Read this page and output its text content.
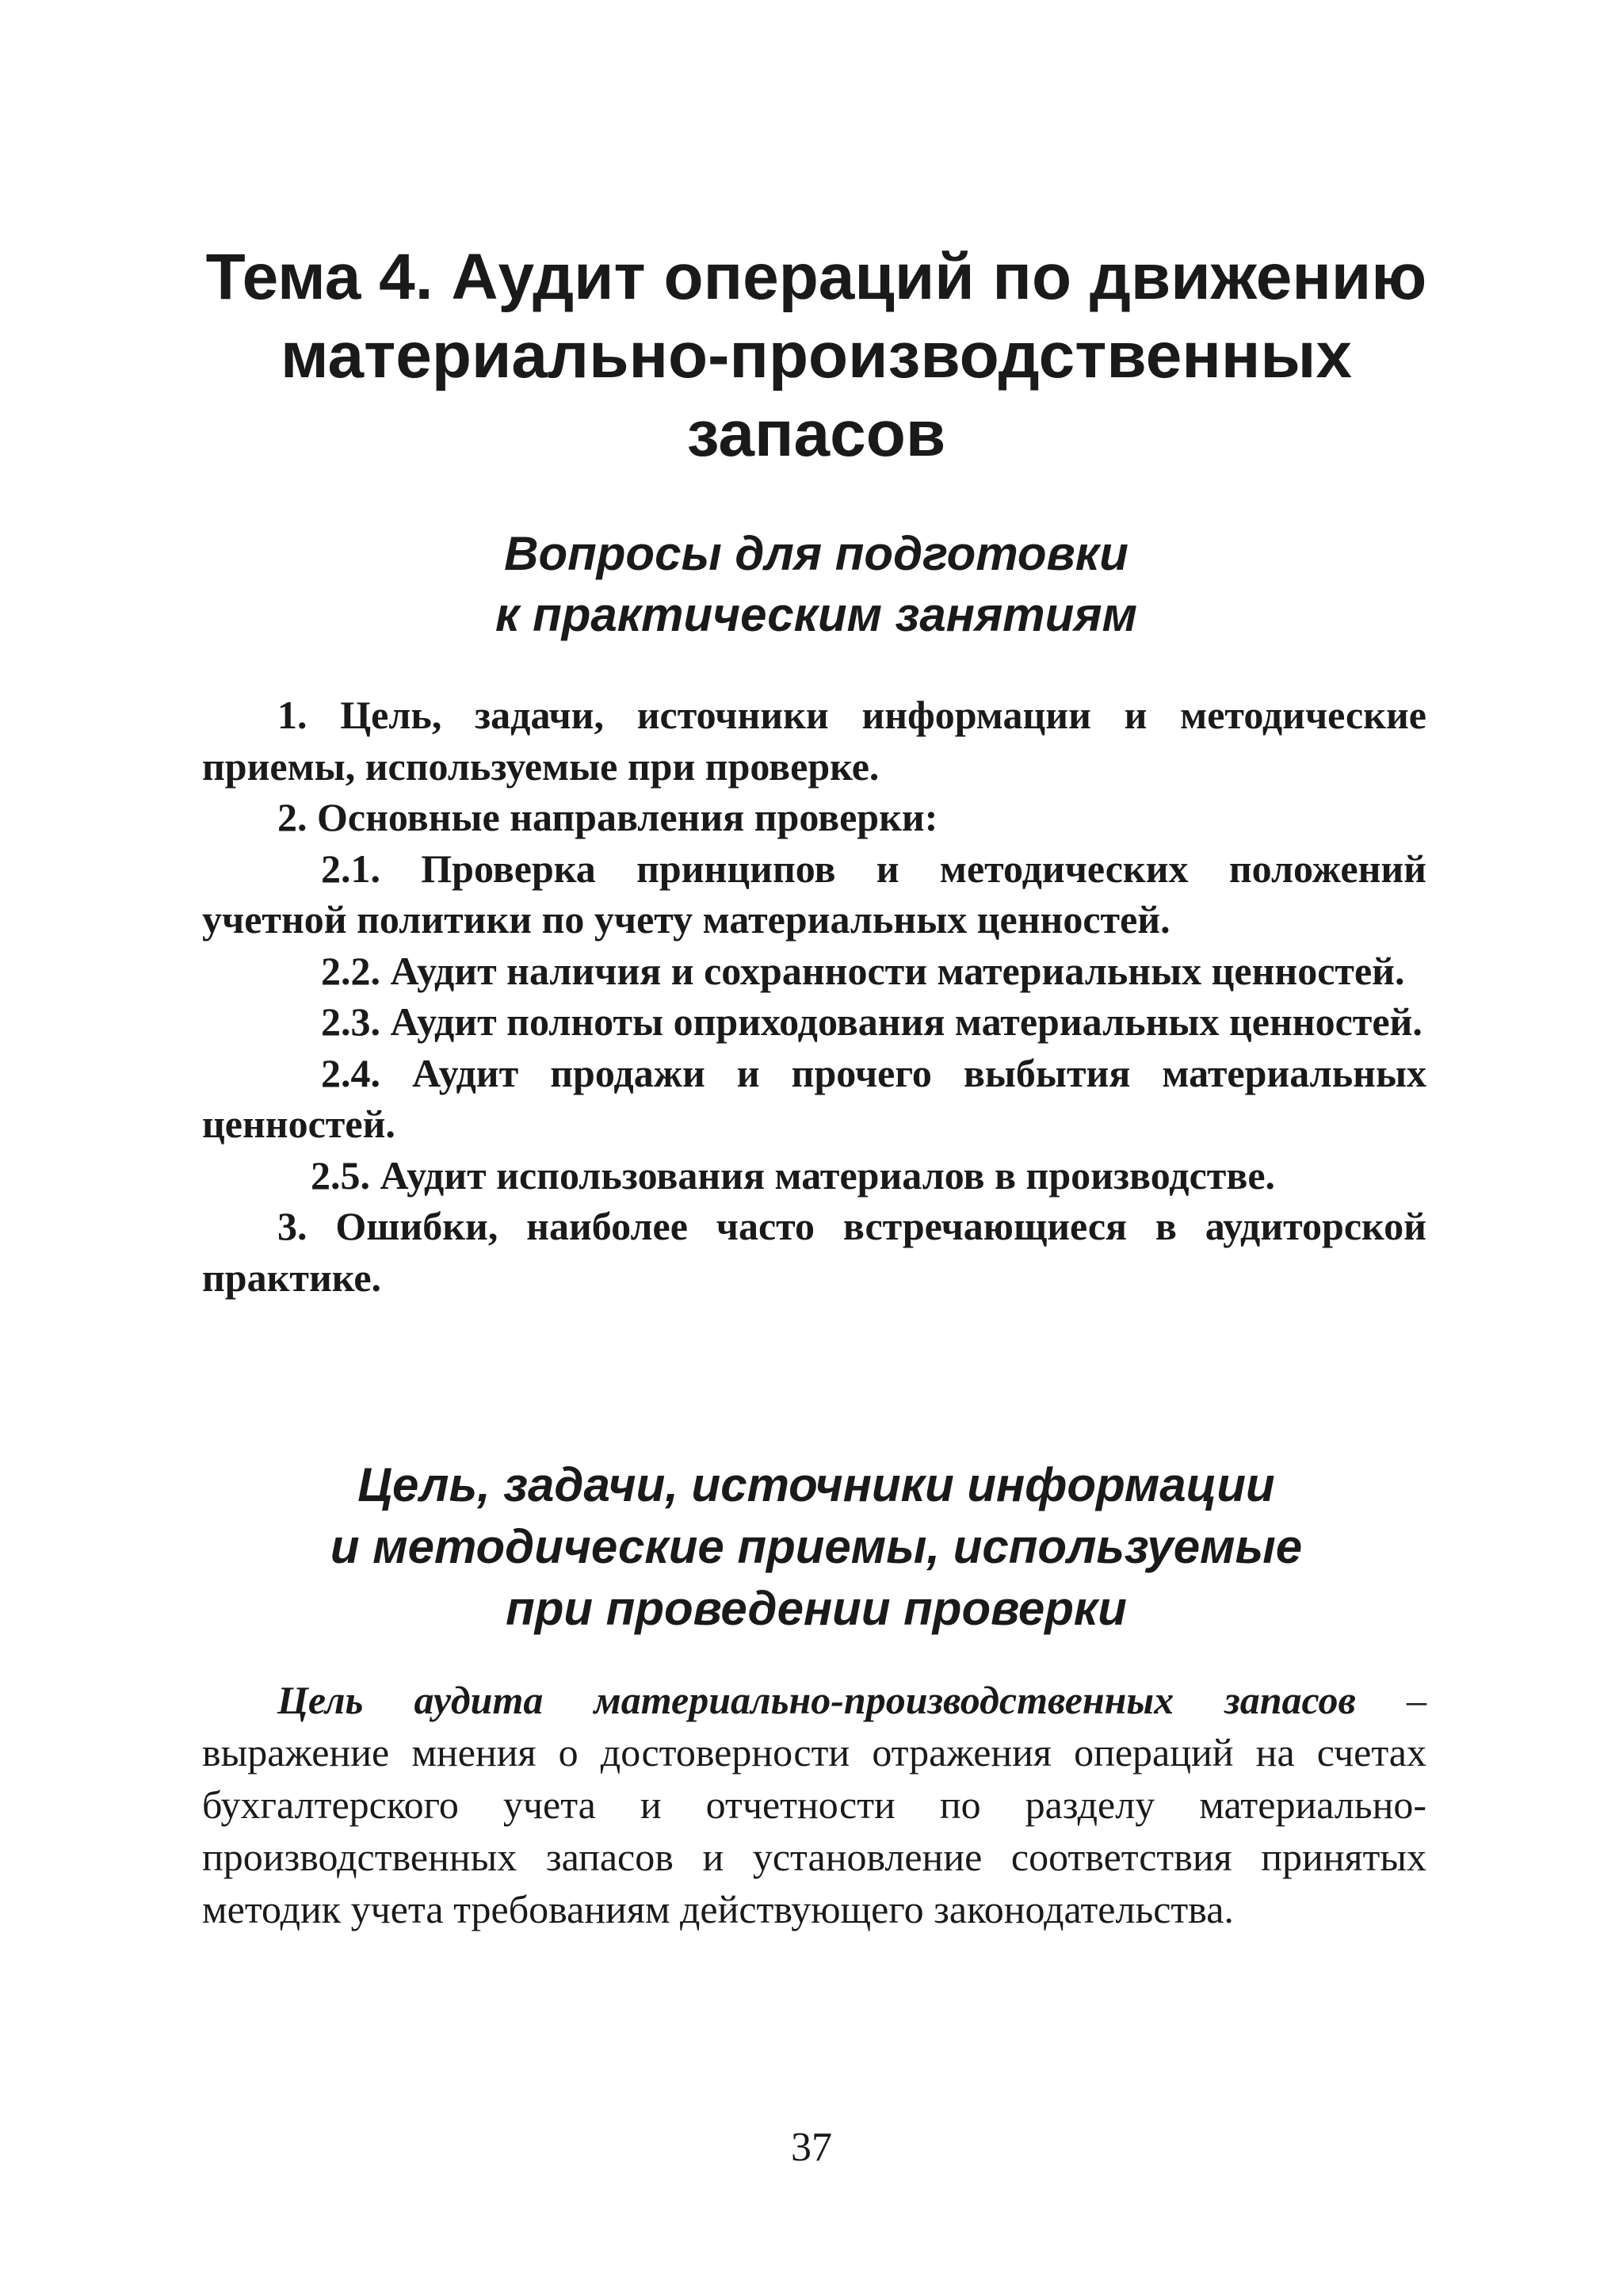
Тема 4. Аудит операций по движению
материально-производственных
запасов
Вопросы для подготовки
к практическим занятиям
1. Цель, задачи, источники информации и методические приемы, используемые при проверке.
2. Основные направления проверки:
2.1. Проверка принципов и методических положений учетной политики по учету материальных ценностей.
2.2. Аудит наличия и сохранности материальных ценностей.
2.3. Аудит полноты оприходования материальных ценностей.
2.4. Аудит продажи и прочего выбытия материальных ценностей.
2.5. Аудит использования материалов в производстве.
3. Ошибки, наиболее часто встречающиеся в аудиторской практике.
Цель, задачи, источники информации
и методические приемы, используемые
при проведении проверки

Цель аудита материально-производственных запасов – выражение мнения о достоверности отражения операций на счетах бухгалтерского учета и отчетности по разделу материально-производственных запасов и установление соответствия принятых методик учета требованиям действующего законодательства.

37
